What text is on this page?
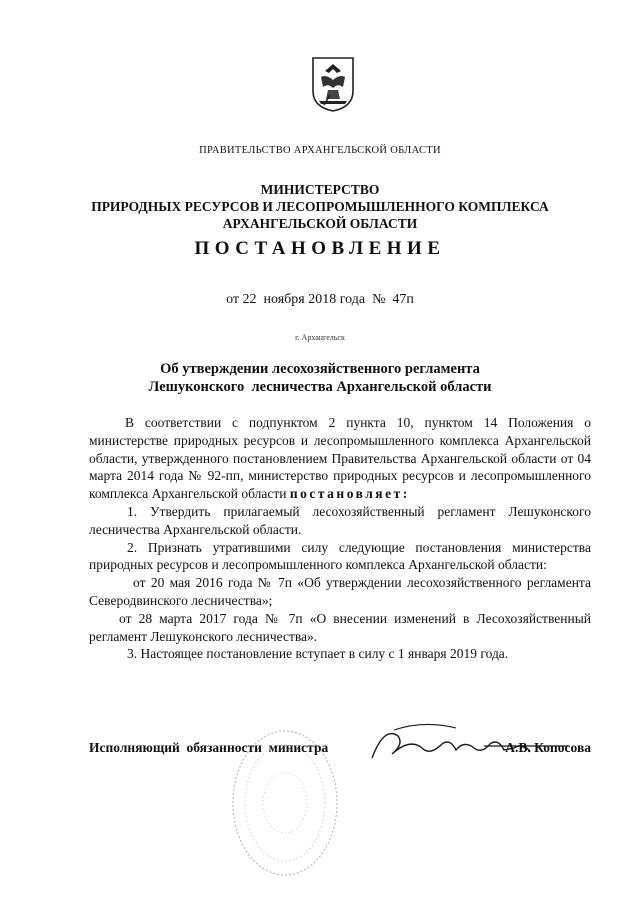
ПРАВИТЕЛЬСТВО АРХАНГЕЛЬСКОЙ ОБЛАСТИ
МИНИСТЕРСТВО
ПРИРОДНЫХ РЕСУРСОВ И ЛЕСОПРОМЫШЛЕННОГО КОМПЛЕКСА
АРХАНГЕЛЬСКОЙ ОБЛАСТИ
ПОСТАНОВЛЕНИЕ
от 22  ноября 2018 года  №  47п
г. Архангельск
Об утверждении лесохозяйственного регламента
Лешуконского  лесничества Архангельской области

В соответствии с подпунктом 2 пункта 10, пунктом 14 Положения о министерстве природных ресурсов и лесопромышленного комплекса Архангельской области, утвержденного постановлением Правительства Архангельской области от 04 марта 2014 года № 92-пп, министерство природных ресурсов и лесопромышленного комплекса Архангельской области постановляет:

1. Утвердить прилагаемый лесохозяйственный регламент Лешуконского лесничества Архангельской области.

2. Признать утратившими силу следующие постановления министерства природных ресурсов и лесопромышленного комплекса Архангельской области:

от 20 мая 2016 года № 7п «Об утверждении лесохозяйственного регламента Северодвинского лесничества»;

от 28 марта 2017 года № 7п «О внесении изменений в Лесохозяйственный регламент Лешуконского лесничества».

3. Настоящее постановление вступает в силу с 1 января 2019 года.

Исполняющий  обязанности  министра	А.В. Копосова
